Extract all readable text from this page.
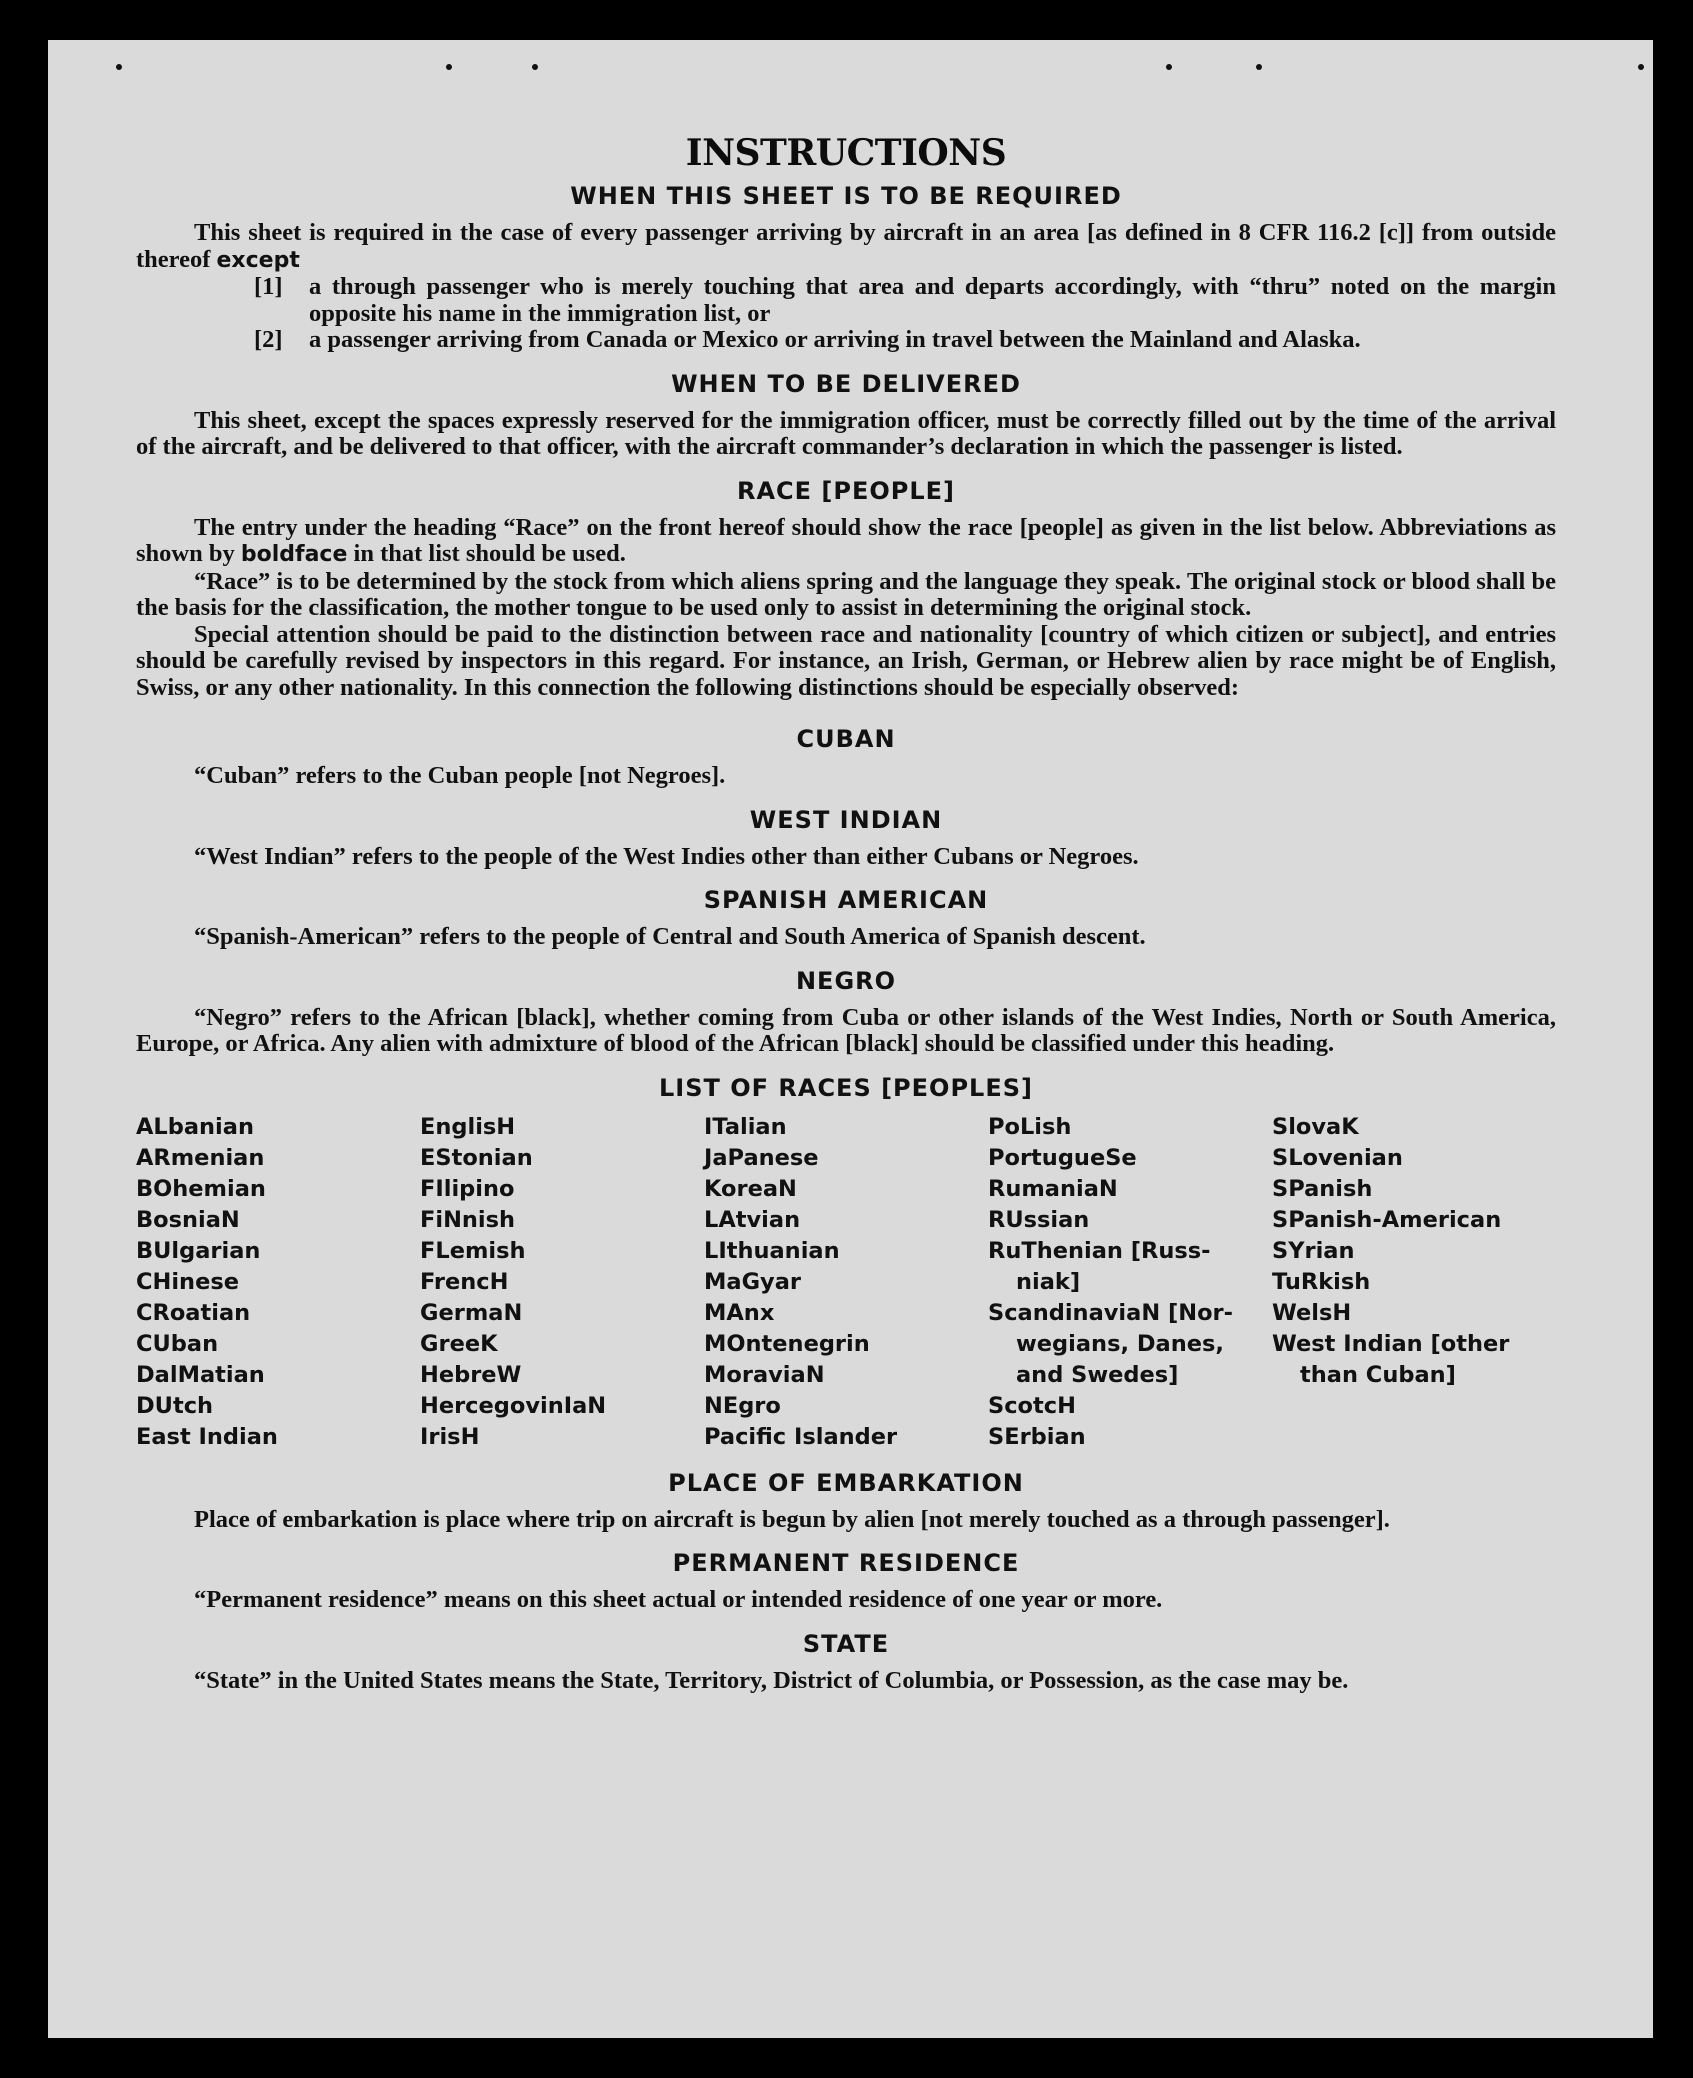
INSTRUCTIONS
WHEN THIS SHEET IS TO BE REQUIRED

This sheet is required in the case of every passenger arriving by aircraft in an area [as defined in 8 CFR 116.2 [c]] from outside thereof except

[1]	a through passenger who is merely touching that area and departs accordingly, with “thru” noted on the margin opposite his name in the immigration list, or
[2]	a passenger arriving from Canada or Mexico or arriving in travel between the Mainland and Alaska.
WHEN TO BE DELIVERED

This sheet, except the spaces expressly reserved for the immigration officer, must be correctly filled out by the time of the arrival of the aircraft, and be delivered to that officer, with the aircraft commander’s declaration in which the passenger is listed.

RACE [PEOPLE]

The entry under the heading “Race” on the front hereof should show the race [people] as given in the list below. Abbreviations as shown by boldface in that list should be used.

“Race” is to be determined by the stock from which aliens spring and the language they speak. The original stock or blood shall be the basis for the classification, the mother tongue to be used only to assist in determining the original stock.

Special attention should be paid to the distinction between race and nationality [country of which citizen or subject], and entries should be carefully revised by inspectors in this regard. For instance, an Irish, German, or Hebrew alien by race might be of English, Swiss, or any other nationality. In this connection the following distinctions should be especially observed:

CUBAN

“Cuban” refers to the Cuban people [not Negroes].

WEST INDIAN

“West Indian” refers to the people of the West Indies other than either Cubans or Negroes.

SPANISH AMERICAN

“Spanish-American” refers to the people of Central and South America of Spanish descent.

NEGRO

“Negro” refers to the African [black], whether coming from Cuba or other islands of the West Indies, North or South America, Europe, or Africa. Any alien with admixture of blood of the African [black] should be classified under this heading.

LIST OF RACES [PEOPLES]
ALbanian
ARmenian
BOhemian
BosniaN
BUlgarian
CHinese
CRoatian
CUban
DalMatian
DUtch
East Indian
EnglisH
EStonian
FIlipino
FiNnish
FLemish
FrencH
GermaN
GreeK
HebreW
HercegovinIaN
IrisH
ITalian
JaPanese
KoreaN
LAtvian
LIthuanian
MaGyar
MAnx
MOntenegrin
MoraviaN
NEgro
Pacific Islander
PoLish
PortugueSe
RumaniaN
RUssian
RuThenian [Russ-
niak]
ScandinaviaN [Nor-
wegians, Danes,
and Swedes]
ScotcH
SErbian
SlovaK
SLovenian
SPanish
SPanish-American
SYrian
TuRkish
WelsH
West Indian [other
than Cuban]
PLACE OF EMBARKATION

Place of embarkation is place where trip on aircraft is begun by alien [not merely touched as a through passenger].

PERMANENT RESIDENCE

“Permanent residence” means on this sheet actual or intended residence of one year or more.

STATE

“State” in the United States means the State, Territory, District of Columbia, or Possession, as the case may be.
